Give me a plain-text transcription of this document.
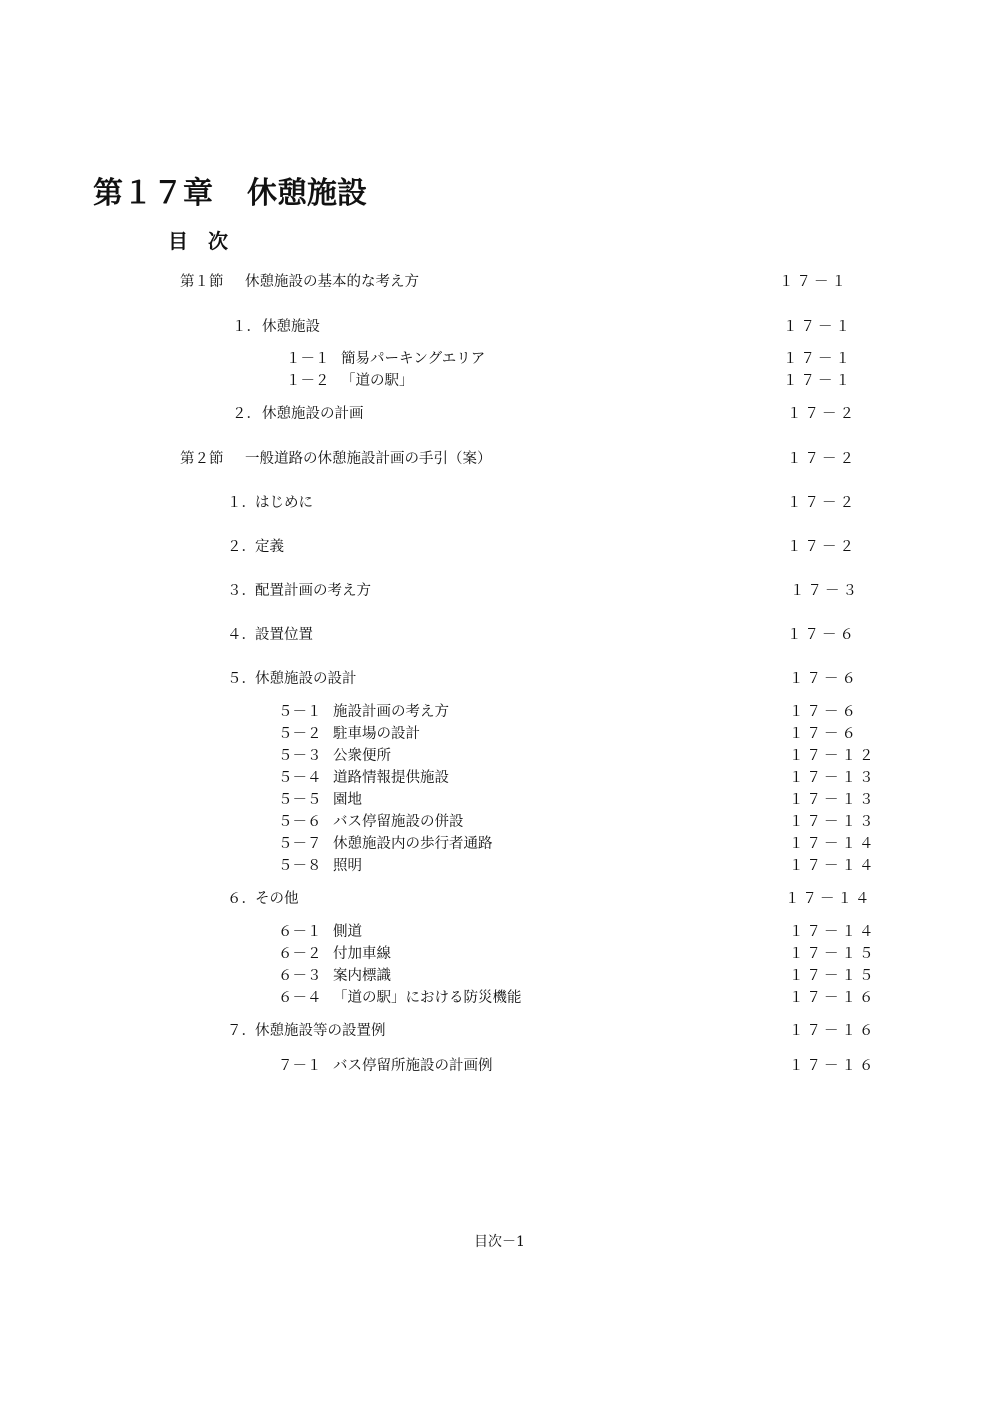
第１７章 休憩施設
目　次
第１節 休憩施設の基本的な考え方	１７－１
１．休憩施設	１７－１
１－１ 簡易パーキングエリア	１７－１
１－２ 「道の駅」	１７－１
２．休憩施設の計画	１７－２
第２節 一般道路の休憩施設計画の手引（案）	１７－２
１．はじめに	１７－２
２．定義	１７－２
３．配置計画の考え方	１７－３
４．設置位置	１７－６
５．休憩施設の設計	１７－６
５－１ 施設計画の考え方	１７－６
５－２ 駐車場の設計	１７－６
５－３ 公衆便所	１７－１２
５－４ 道路情報提供施設	１７－１３
５－５ 園地	１７－１３
５－６ バス停留施設の併設	１７－１３
５－７ 休憩施設内の歩行者通路	１７－１４
５－８ 照明	１７－１４
６．その他	１７－１４
６－１ 側道	１７－１４
６－２ 付加車線	１７－１５
６－３ 案内標識	１７－１５
６－４ 「道の駅」における防災機能	１７－１６
７．休憩施設等の設置例	１７－１６
７－１ バス停留所施設の計画例	１７－１６
目次－1
